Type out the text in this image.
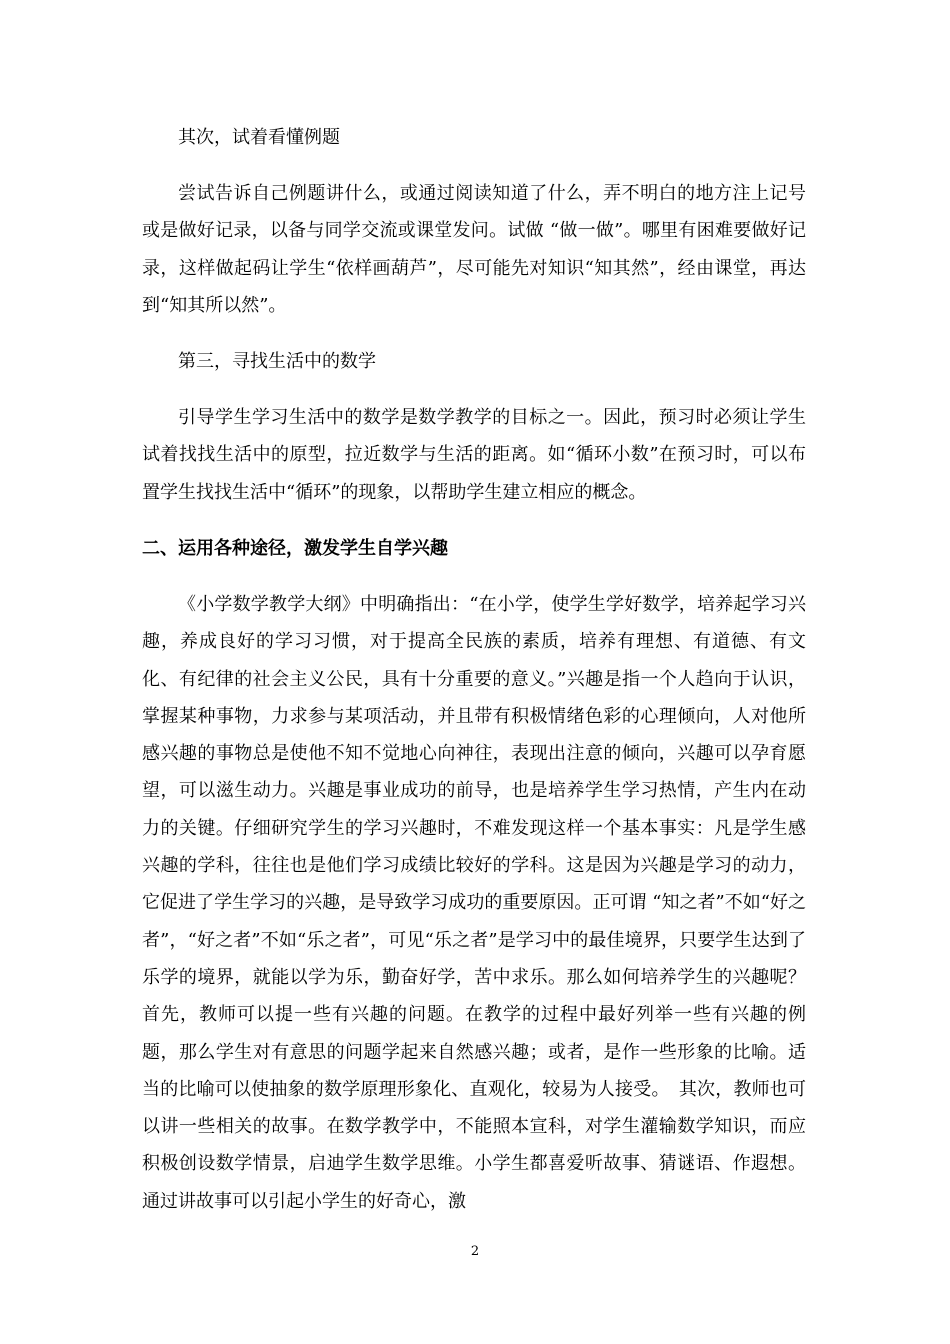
其次，试着看懂例题

尝试告诉自己例题讲什么，或通过阅读知道了什么，弄不明白的地方注上记号或是做好记录，以备与同学交流或课堂发问。试做 “做一做”。哪里有困难要做好记录，这样做起码让学生“依样画葫芦”，尽可能先对知识“知其然”，经由课堂，再达到“知其所以然”。

第三，寻找生活中的数学

引导学生学习生活中的数学是数学教学的目标之一。因此，预习时必须让学生试着找找生活中的原型，拉近数学与生活的距离。如“循环小数”在预习时，可以布置学生找找生活中“循环”的现象，以帮助学生建立相应的概念。

二、运用各种途径，激发学生自学兴趣

《小学数学教学大纲》中明确指出：“在小学，使学生学好数学，培养起学习兴趣，养成良好的学习习惯，对于提高全民族的素质，培养有理想、有道德、有文化、有纪律的社会主义公民，具有十分重要的意义。”兴趣是指一个人趋向于认识，掌握某种事物，力求参与某项活动，并且带有积极情绪色彩的心理倾向，人对他所感兴趣的事物总是使他不知不觉地心向神往，表现出注意的倾向，兴趣可以孕育愿望，可以滋生动力。兴趣是事业成功的前导，也是培养学生学习热情，产生内在动力的关键。仔细研究学生的学习兴趣时，不难发现这样一个基本事实：凡是学生感兴趣的学科，往往也是他们学习成绩比较好的学科。这是因为兴趣是学习的动力，它促进了学生学习的兴趣，是导致学习成功的重要原因。正可谓 “知之者”不如“好之者”，“好之者”不如“乐之者”，可见“乐之者”是学习中的最佳境界，只要学生达到了乐学的境界，就能以学为乐，勤奋好学，苦中求乐。那么如何培养学生的兴趣呢？　 首先，教师可以提一些有兴趣的问题。在教学的过程中最好列举一些有兴趣的例题，那么学生对有意思的问题学起来自然感兴趣；或者，是作一些形象的比喻。适当的比喻可以使抽象的数学原理形象化、直观化，较易为人接受。　其次，教师也可以讲一些相关的故事。在数学教学中，不能照本宣科，对学生灌输数学知识，而应积极创设数学情景，启迪学生数学思维。小学生都喜爱听故事、猜谜语、作遐想。通过讲故事可以引起小学生的好奇心，激

2
